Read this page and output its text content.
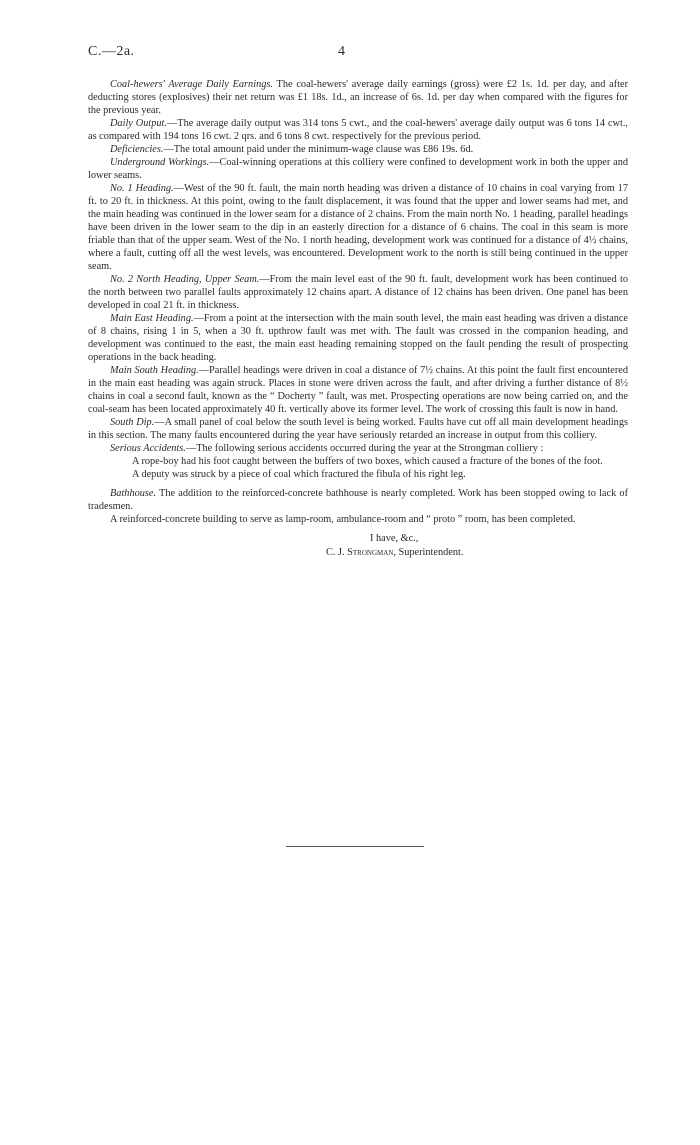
C.—2a.	4

Coal-hewers' Average Daily Earnings. The coal-hewers' average daily earnings (gross) were £2 1s. 1d. per day, and after deducting stores (explosives) their net return was £1 18s. 1d., an increase of 6s. 1d. per day when compared with the figures for the previous year.

Daily Output.—The average daily output was 314 tons 5 cwt., and the coal-hewers' average daily output was 6 tons 14 cwt., as compared with 194 tons 16 cwt. 2 qrs. and 6 tons 8 cwt. respectively for the previous period.

Deficiencies.—The total amount paid under the minimum-wage clause was £86 19s. 6d.

Underground Workings.—Coal-winning operations at this colliery were confined to development work in both the upper and lower seams.

No. 1 Heading.—West of the 90 ft. fault, the main north heading was driven a distance of 10 chains in coal varying from 17 ft. to 20 ft. in thickness. At this point, owing to the fault displacement, it was found that the upper and lower seams had met, and the main heading was continued in the lower seam for a distance of 2 chains. From the main north No. 1 heading, parallel headings have been driven in the lower seam to the dip in an easterly direction for a distance of 6 chains. The coal in this seam is more friable than that of the upper seam. West of the No. 1 north heading, development work was continued for a distance of 4½ chains, where a fault, cutting off all the west levels, was encountered. Development work to the north is still being continued in the upper seam.

No. 2 North Heading, Upper Seam.—From the main level east of the 90 ft. fault, development work has been continued to the north between two parallel faults approximately 12 chains apart. A distance of 12 chains has been driven. One panel has been developed in coal 21 ft. in thickness.

Main East Heading.—From a point at the intersection with the main south level, the main east heading was driven a distance of 8 chains, rising 1 in 5, when a 30 ft. upthrow fault was met with. The fault was crossed in the companion heading, and development was continued to the east, the main east heading remaining stopped on the fault pending the result of prospecting operations in the back heading.

Main South Heading.—Parallel headings were driven in coal a distance of 7½ chains. At this point the fault first encountered in the main east heading was again struck. Places in stone were driven across the fault, and after driving a further distance of 8½ chains in coal a second fault, known as the “ Docherty ” fault, was met. Prospecting operations are now being carried on, and the coal-seam has been located approximately 40 ft. vertically above its former level. The work of crossing this fault is now in hand.

South Dip.—A small panel of coal below the south level is being worked. Faults have cut off all main development headings in this section. The many faults encountered during the year have seriously retarded an increase in output from this colliery.

Serious Accidents.—The following serious accidents occurred during the year at the Strongman colliery :

A rope-boy had his foot caught between the buffers of two boxes, which caused a fracture of the bones of the foot.

A deputy was struck by a piece of coal which fractured the fibula of his right leg.

Bathhouse. The addition to the reinforced-concrete bathhouse is nearly completed. Work has been stopped owing to lack of tradesmen.

A reinforced-concrete building to serve as lamp-room, ambulance-room and “ proto ” room, has been completed.

I have, &c.,
C. J. Strongman, Superintendent.
